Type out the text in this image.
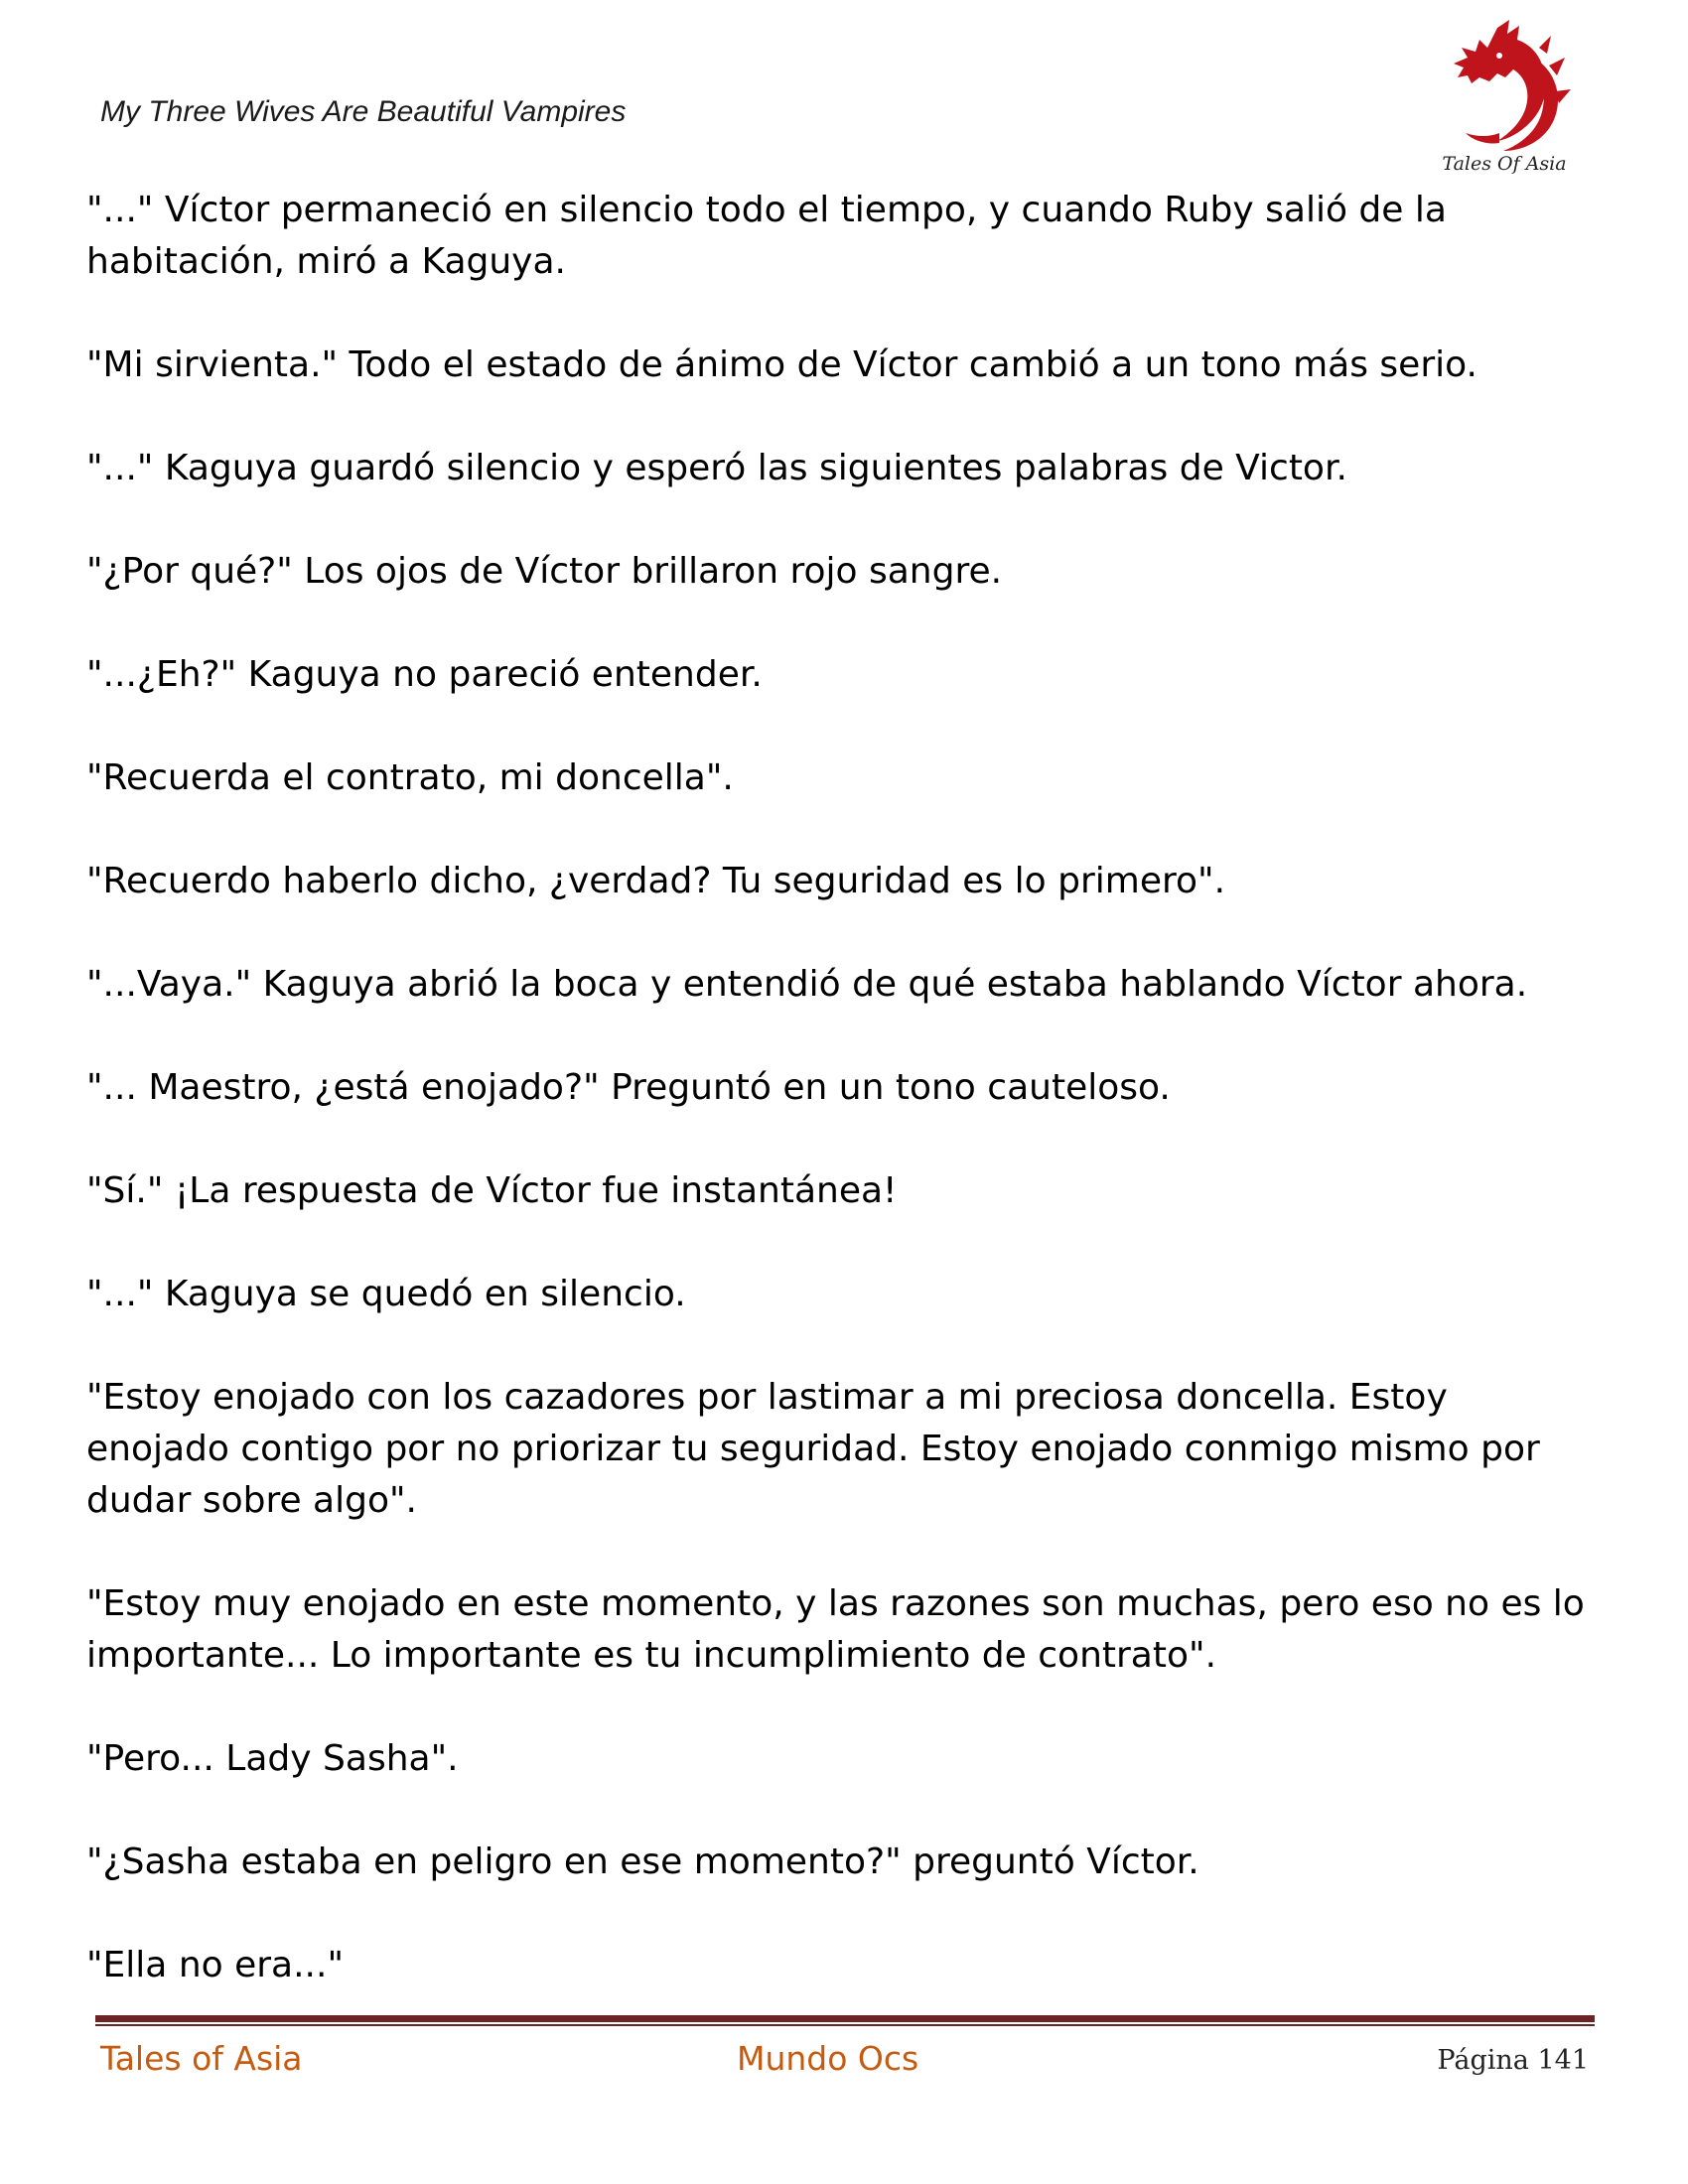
My Three Wives Are Beautiful Vampires
Tales Of Asia

"..." Víctor permaneció en silencio todo el tiempo, y cuando Ruby salió de la habitación, miró a Kaguya.

"Mi sirvienta." Todo el estado de ánimo de Víctor cambió a un tono más serio.

"..." Kaguya guardó silencio y esperó las siguientes palabras de Victor.

"¿Por qué?" Los ojos de Víctor brillaron rojo sangre.

"...¿Eh?" Kaguya no pareció entender.

"Recuerda el contrato, mi doncella".

"Recuerdo haberlo dicho, ¿verdad? Tu seguridad es lo primero".

"...Vaya." Kaguya abrió la boca y entendió de qué estaba hablando Víctor ahora.

"... Maestro, ¿está enojado?" Preguntó en un tono cauteloso.

"Sí." ¡La respuesta de Víctor fue instantánea!

"..." Kaguya se quedó en silencio.

"Estoy enojado con los cazadores por lastimar a mi preciosa doncella. Estoy enojado contigo por no priorizar tu seguridad. Estoy enojado conmigo mismo por dudar sobre algo".

"Estoy muy enojado en este momento, y las razones son muchas, pero eso no es lo importante... Lo importante es tu incumplimiento de contrato".

"Pero... Lady Sasha".

"¿Sasha estaba en peligro en ese momento?" preguntó Víctor.

"Ella no era..."

Tales of Asia	Mundo Ocs	Página 141
